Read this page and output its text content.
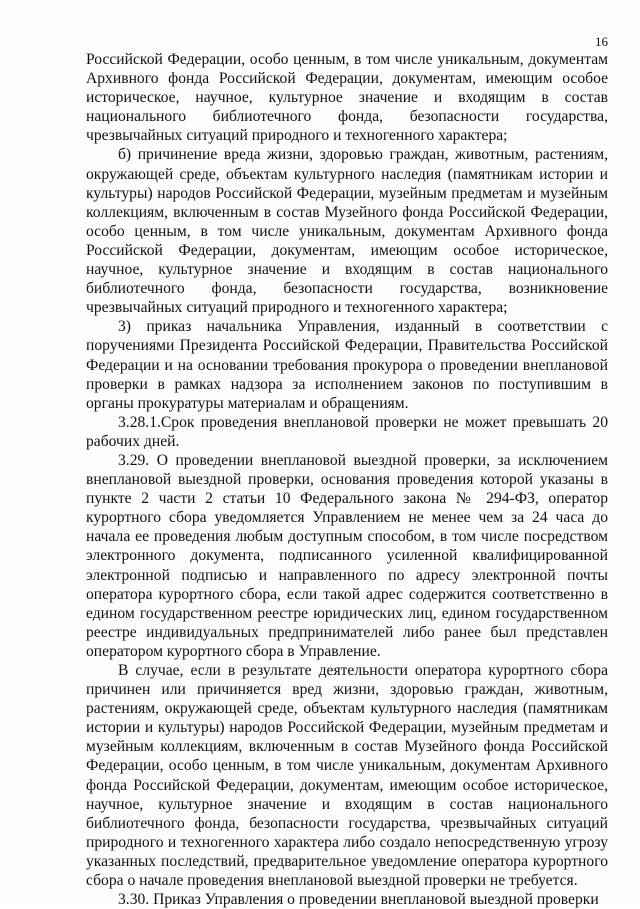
16

Российской Федерации, особо ценным, в том числе уникальным, документам Архивного фонда Российской Федерации, документам, имеющим особое историческое, научное, культурное значение и входящим в состав национального библиотечного фонда, безопасности государства, чрезвычайных ситуаций природного и техногенного характера;

б) причинение вреда жизни, здоровью граждан, животным, растениям, окружающей среде, объектам культурного наследия (памятникам истории и культуры) народов Российской Федерации, музейным предметам и музейным коллекциям, включенным в состав Музейного фонда Российской Федерации, особо ценным, в том числе уникальным, документам Архивного фонда Российской Федерации, документам, имеющим особое историческое, научное, культурное значение и входящим в состав национального библиотечного фонда, безопасности государства, возникновение чрезвычайных ситуаций природного и техногенного характера;

3) приказ начальника Управления, изданный в соответствии с поручениями Президента Российской Федерации, Правительства Российской Федерации и на основании требования прокурора о проведении внеплановой проверки в рамках надзора за исполнением законов по поступившим в органы прокуратуры материалам и обращениям.

3.28.1.Срок проведения внеплановой проверки не может превышать 20 рабочих дней.

3.29. О проведении внеплановой выездной проверки, за исключением внеплановой выездной проверки, основания проведения которой указаны в пункте 2 части 2 статьи 10 Федерального закона № 294-ФЗ, оператор курортного сбора уведомляется Управлением не менее чем за 24 часа до начала ее проведения любым доступным способом, в том числе посредством электронного документа, подписанного усиленной квалифицированной электронной подписью и направленного по адресу электронной почты оператора курортного сбора, если такой адрес содержится соответственно в едином государственном реестре юридических лиц, едином государственном реестре индивидуальных предпринимателей либо ранее был представлен оператором курортного сбора в Управление.

В случае, если в результате деятельности оператора курортного сбора причинен или причиняется вред жизни, здоровью граждан, животным, растениям, окружающей среде, объектам культурного наследия (памятникам истории и культуры) народов Российской Федерации, музейным предметам и музейным коллекциям, включенным в состав Музейного фонда Российской Федерации, особо ценным, в том числе уникальным, документам Архивного фонда Российской Федерации, документам, имеющим особое историческое, научное, культурное значение и входящим в состав национального библиотечного фонда, безопасности государства, чрезвычайных ситуаций природного и техногенного характера либо создало непосредственную угрозу указанных последствий, предварительное уведомление оператора курортного сбора о начале проведения внеплановой выездной проверки не требуется.

3.30. Приказ Управления о проведении внеплановой выездной проверки
